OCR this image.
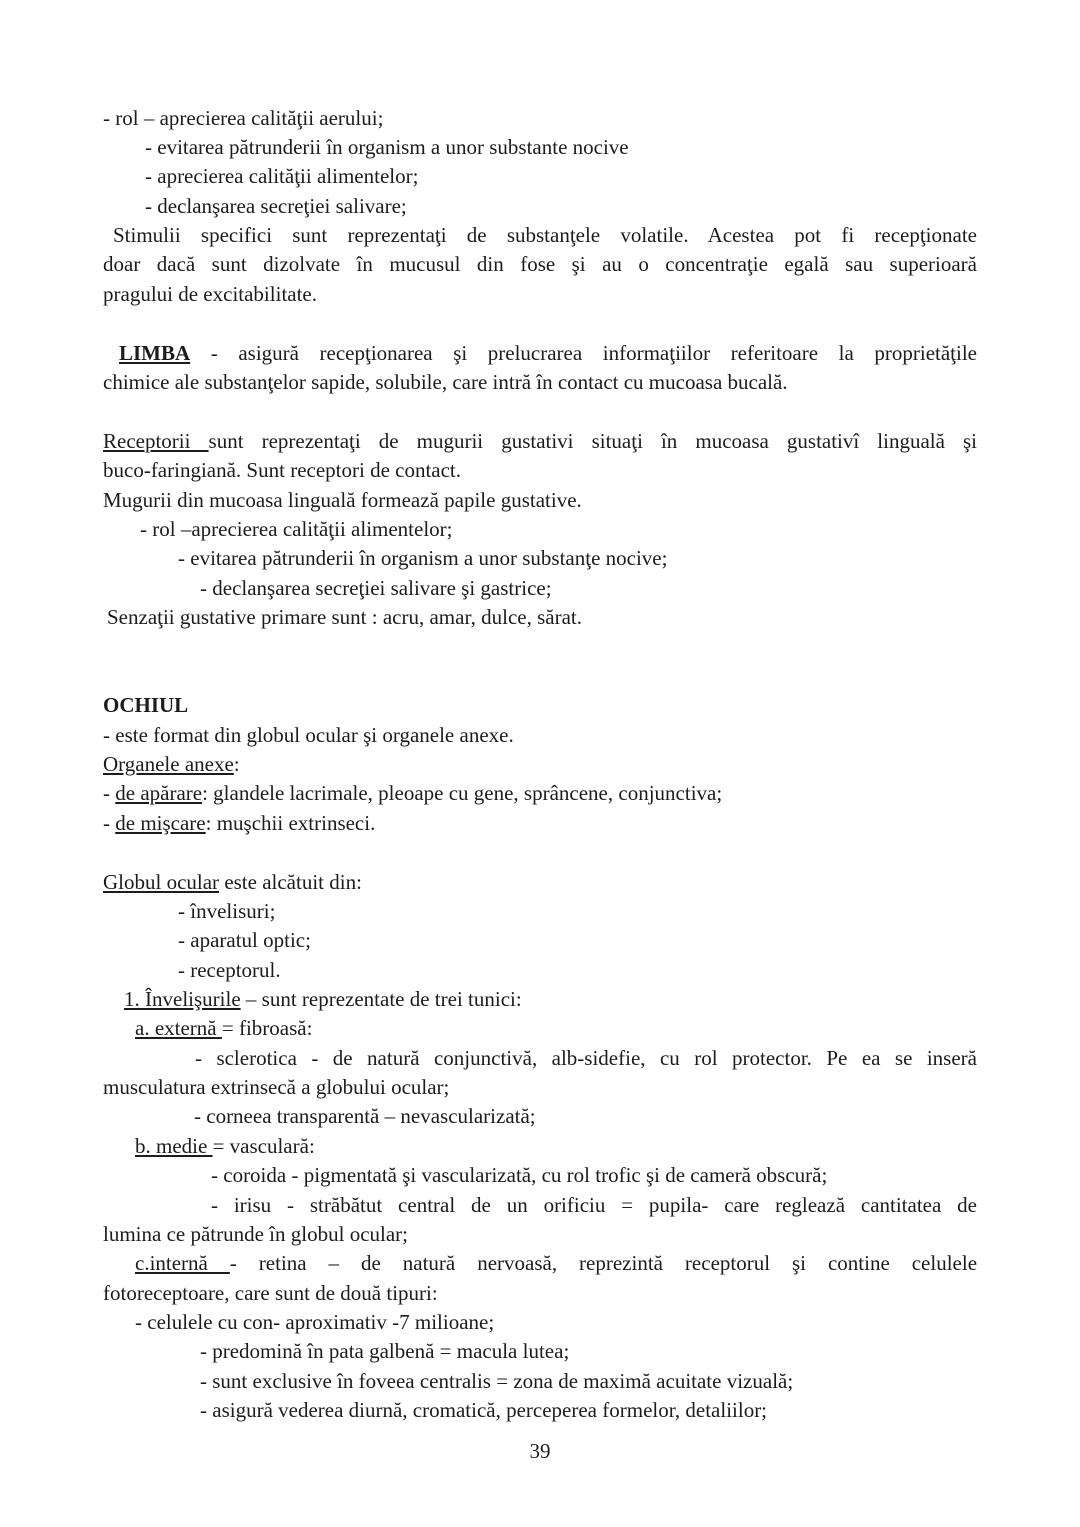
- rol – aprecierea calităţii aerului;
- evitarea pătrunderii în organism a unor substante nocive
- aprecierea calităţii alimentelor;
- declanşarea secreţiei salivare;
Stimulii specifici sunt reprezentaţi de substanţele volatile. Acestea pot fi recepţionate
doar dacă sunt dizolvate în mucusul din fose şi au o concentraţie egală sau superioară
pragului de excitabilitate.
LIMBA - asigură recepţionarea şi prelucrarea informaţiilor referitoare la proprietăţile
chimice ale substanţelor sapide, solubile, care intră în contact cu mucoasa bucală.
Receptorii sunt reprezentaţi de mugurii gustativi situaţi în mucoasa gustativî linguală şi
buco-faringiană. Sunt receptori de contact.
Mugurii din mucoasa linguală formează papile gustative.
- rol –aprecierea calităţii alimentelor;
- evitarea pătrunderii în organism a unor substanţe nocive;
- declanşarea secreţiei salivare şi gastrice;
Senzaţii gustative primare sunt : acru, amar, dulce, sărat.
OCHIUL
- este format din globul ocular şi organele anexe.
Organele anexe:
- de apărare: glandele lacrimale, pleoape cu gene, sprâncene, conjunctiva;
- de mişcare: muşchii extrinseci.
Globul ocular este alcătuit din:
- învelisuri;
- aparatul optic;
- receptorul.
1. Învelişurile – sunt reprezentate de trei tunici:
a. externă = fibroasă:
- sclerotica - de natură conjunctivă, alb-sidefie, cu rol protector. Pe ea se inseră
musculatura extrinsecă a globului ocular;
- corneea transparentă – nevascularizată;
b. medie = vasculară:
- coroida - pigmentată şi vascularizată, cu rol trofic şi de cameră obscură;
- irisu - străbătut central de un orificiu = pupila- care reglează cantitatea de
lumina ce pătrunde în globul ocular;
c.internă - retina – de natură nervoasă, reprezintă receptorul şi contine celulele
fotoreceptoare, care sunt de două tipuri:
- celulele cu con- aproximativ -7 milioane;
- predomină în pata galbenă = macula lutea;
- sunt exclusive în foveea centralis = zona de maximă acuitate vizuală;
- asigură vederea diurnă, cromatică, perceperea formelor, detaliilor;
39
